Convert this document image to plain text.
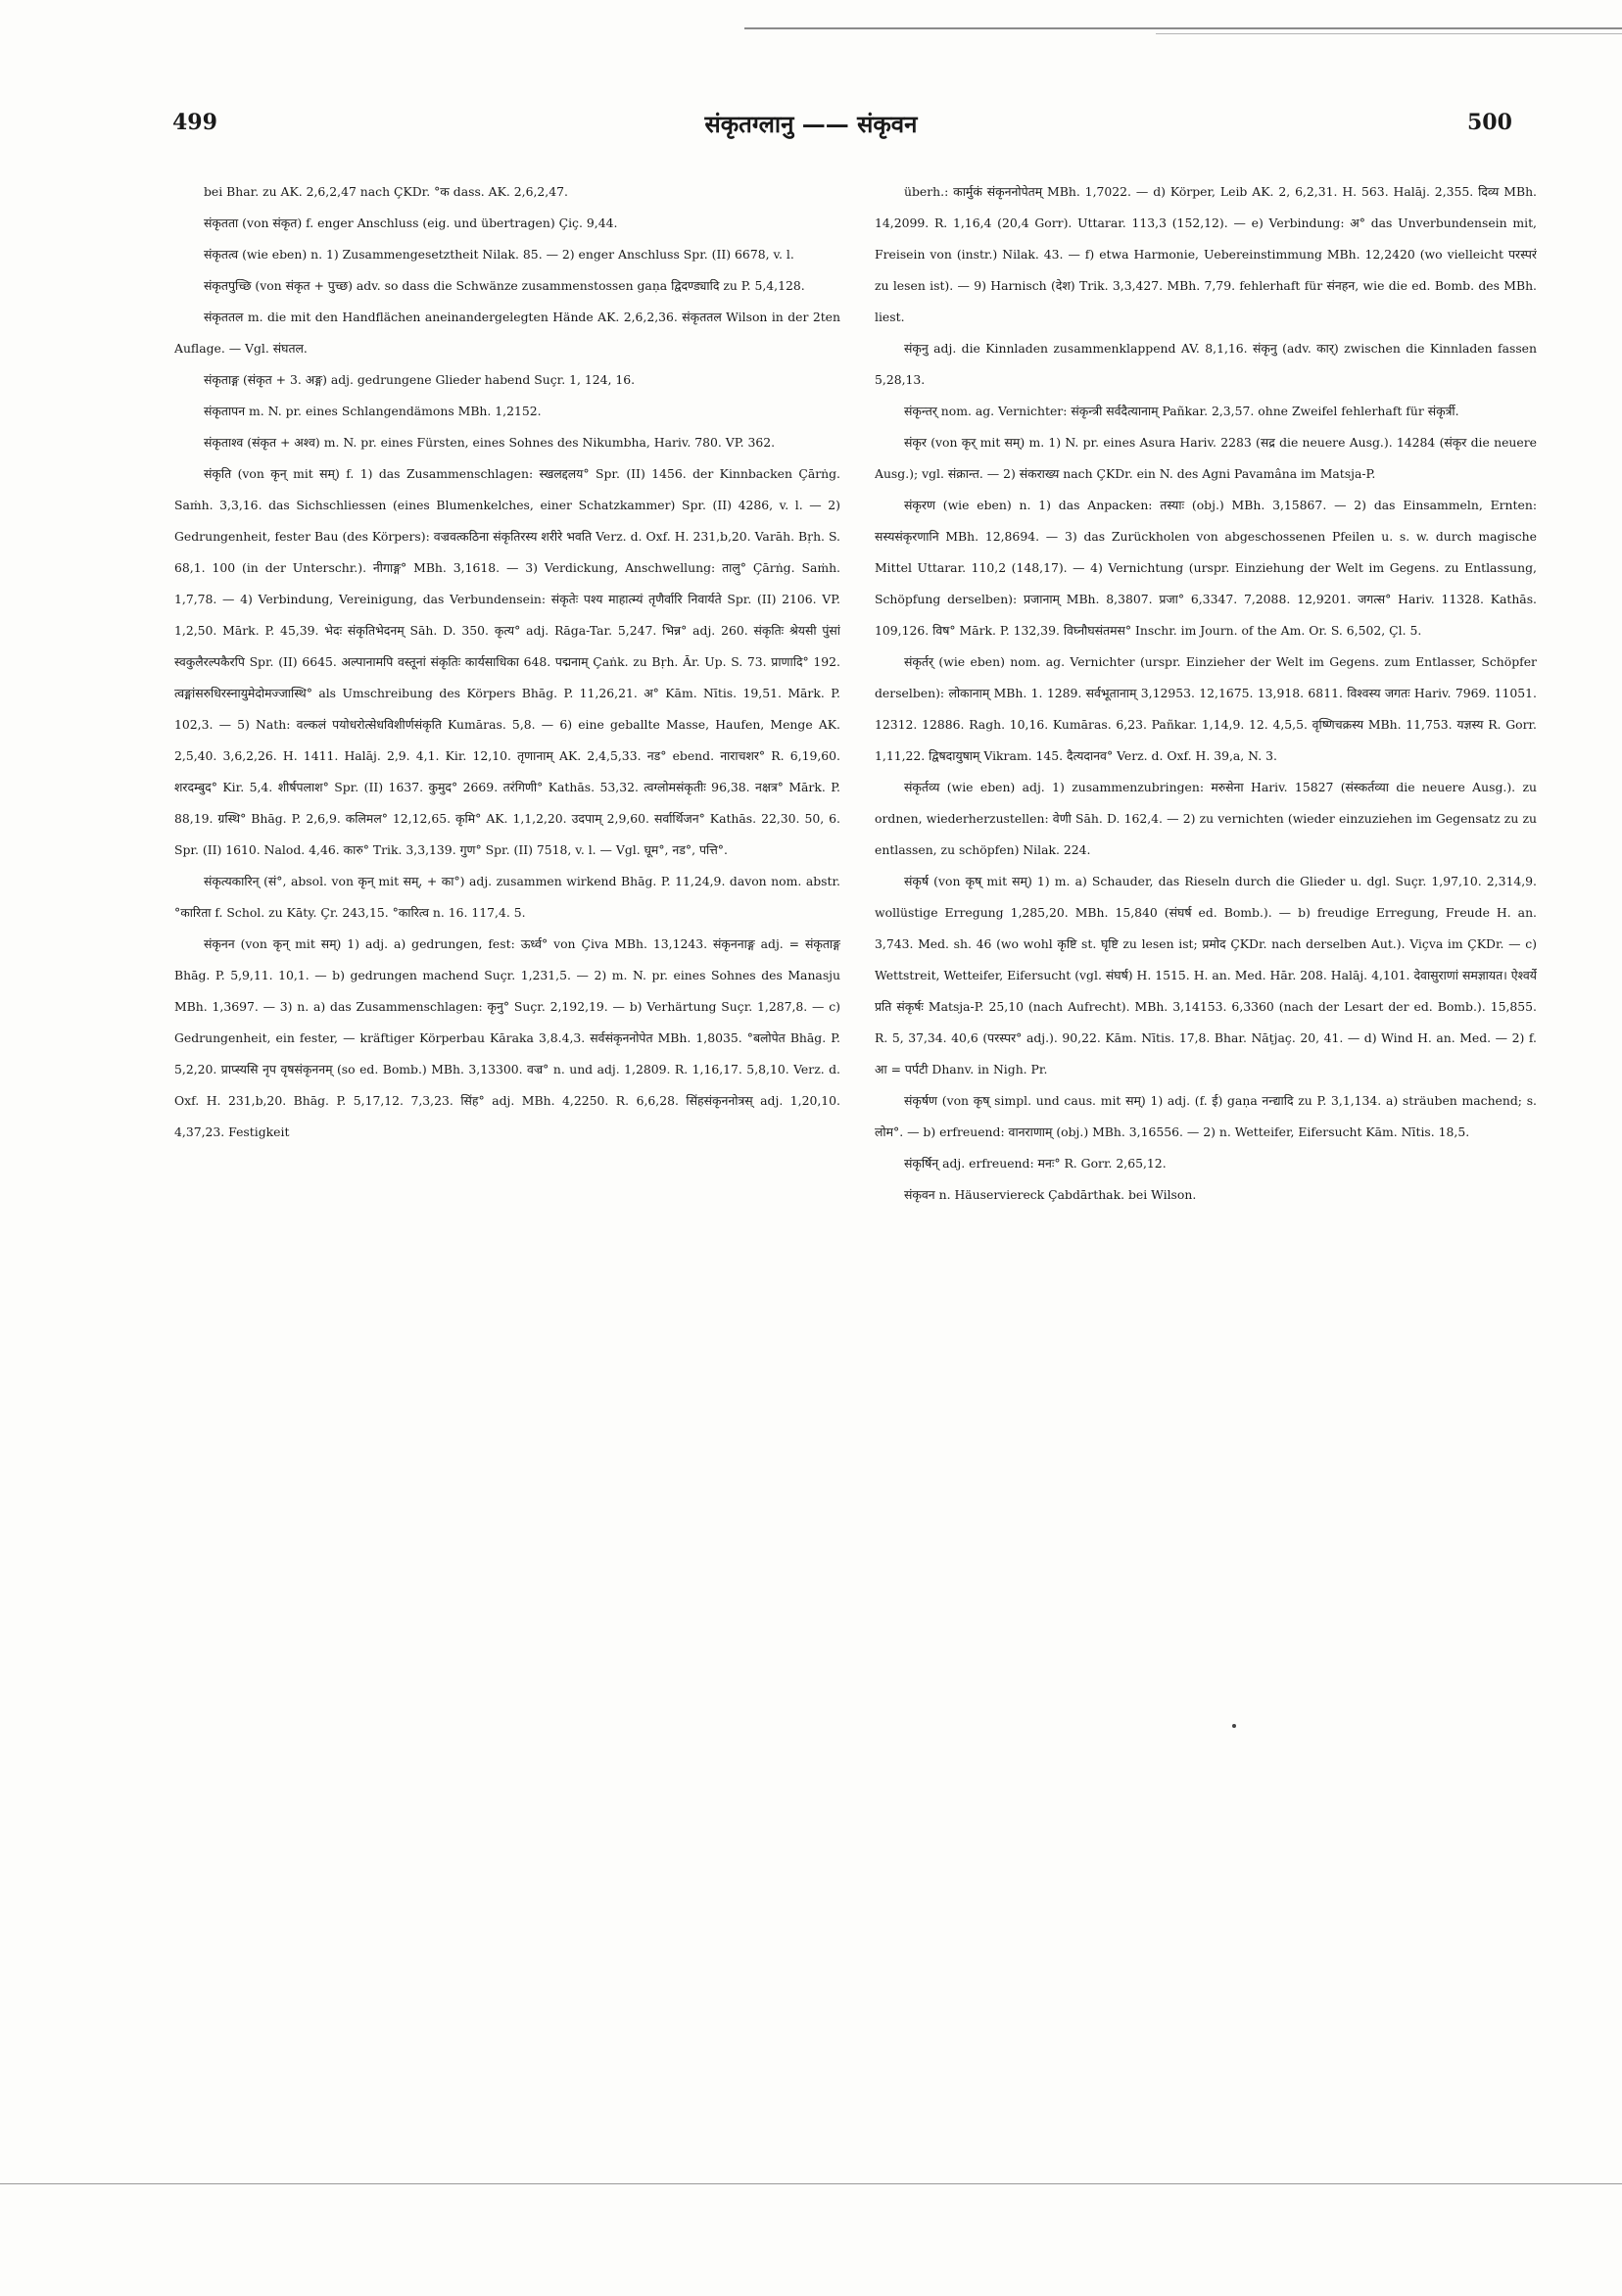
499	संकृतग्लानु —— संकृवन	500

bei Bhar. zu AK. 2,6,2,47 nach ÇKDr. °क dass. AK. 2,6,2,47.

संकृतता (von संकृत) f. enger Anschluss (eig. und übertragen) Çiç. 9,44.

संकृतत्व (wie eben) n. 1) Zusammengesetztheit Nilak. 85. — 2) enger Anschluss Spr. (II) 6678, v. l.

संकृतपुच्छि (von संकृत + पुच्छ) adv. so dass die Schwänze zusammenstossen gaṇa द्विदण्ड्यादि zu P. 5,4,128.

संकृततल m. die mit den Handflächen aneinandergelegten Hände AK. 2,6,2,36. संकृततल Wilson in der 2ten Auflage. — Vgl. संघतल.

संकृताङ्ग (संकृत + 3. अङ्ग) adj. gedrungene Glieder habend Suçr. 1, 124, 16.

संकृतापन m. N. pr. eines Schlangendämons MBh. 1,2152.

संकृताश्व (संकृत + अश्व) m. N. pr. eines Fürsten, eines Sohnes des Nikumbha, Hariv. 780. VP. 362.

संकृति (von कृन् mit सम्) f. 1) das Zusammenschlagen: स्खलद्दलय° Spr. (II) 1456. der Kinnbacken Çārṅg. Saṁh. 3,3,16. das Sichschliessen (eines Blumenkelches, einer Schatzkammer) Spr. (II) 4286, v. l. — 2) Gedrungenheit, fester Bau (des Körpers): वज्रवत्कठिना संकृतिरस्य शरीरे भवति Verz. d. Oxf. H. 231,b,20. Varāh. Bṛh. S. 68,1. 100 (in der Unterschr.). नीगाङ्ग° MBh. 3,1618. — 3) Verdickung, Anschwellung: तालु° Çārṅg. Saṁh. 1,7,78. — 4) Verbindung, Vereinigung, das Verbundensein: संकृतेः पश्य माहात्म्यं तृणैर्वारि निवार्यते Spr. (II) 2106. VP. 1,2,50. Mārk. P. 45,39. भेदः संकृतिभेदनम् Sāh. D. 350. कृत्य° adj. Rāga-Tar. 5,247. भिन्न° adj. 260. संकृतिः श्रेयसी पुंसां स्वकुलैरल्पकैरपि Spr. (II) 6645. अल्पानामपि वस्तूनां संकृतिः कार्यसाधिका 648. पद्मनाम् Çaṅk. zu Bṛh. Ār. Up. S. 73. प्राणादि° 192. त्वङ्मांसरुधिरस्नायुमेदोमज्जास्थि° als Umschreibung des Körpers Bhāg. P. 11,26,21. अ° Kām. Nītis. 19,51. Mārk. P. 102,3. — 5) Nath: वल्कलं पयोधरोत्सेधविशीर्णसंकृति Kumāras. 5,8. — 6) eine geballte Masse, Haufen, Menge AK. 2,5,40. 3,6,2,26. H. 1411. Halāj. 2,9. 4,1. Kir. 12,10. तृणानाम् AK. 2,4,5,33. नड° ebend. नाराचशर° R. 6,19,60. शरदम्बुद° Kir. 5,4. शीर्षपलाश° Spr. (II) 1637. कुमुद° 2669. तरंगिणी° Kathās. 53,32. त्वग्लोमसंकृतीः 96,38. नक्षत्र° Mārk. P. 88,19. ग्रस्थि° Bhāg. P. 2,6,9. कलिमल° 12,12,65. कृमि° AK. 1,1,2,20. उदपाम् 2,9,60. सर्वार्थिजन° Kathās. 22,30. 50, 6. Spr. (II) 1610. Nalod. 4,46. कारु° Trik. 3,3,139. गुण° Spr. (II) 7518, v. l. — Vgl. घूम°, नड°, पत्ति°.

संकृत्यकारिन् (सं°, absol. von कृन् mit सम्, + का°) adj. zusammen wirkend Bhāg. P. 11,24,9. davon nom. abstr. °कारिता f. Schol. zu Kāty. Çr. 243,15. °कारित्व n. 16. 117,4. 5.

संकृनन (von कृन् mit सम्) 1) adj. a) gedrungen, fest: ऊर्ध्व° von Çiva MBh. 13,1243. संकृननाङ्ग adj. = संकृताङ्ग Bhāg. P. 5,9,11. 10,1. — b) gedrungen machend Suçr. 1,231,5. — 2) m. N. pr. eines Sohnes des Manasju MBh. 1,3697. — 3) n. a) das Zusammenschlagen: कृनु° Suçr. 2,192,19. — b) Verhärtung Suçr. 1,287,8. — c) Gedrungenheit, ein fester, — kräftiger Körperbau Kāraka 3,8.4,3. सर्वसंकृननोपेत MBh. 1,8035. °बलोपेत Bhāg. P. 5,2,20. प्राप्स्यसि नृप वृषसंकृननम् (so ed. Bomb.) MBh. 3,13300. वज्र° n. und adj. 1,2809. R. 1,16,17. 5,8,10. Verz. d. Oxf. H. 231,b,20. Bhāg. P. 5,17,12. 7,3,23. सिंह° adj. MBh. 4,2250. R. 6,6,28. सिंहसंकृननोत्रस् adj. 1,20,10. 4,37,23. Festigkeit

überh.: कार्मुकं संकृननोपेतम् MBh. 1,7022. — d) Körper, Leib AK. 2, 6,2,31. H. 563. Halāj. 2,355. दिव्य MBh. 14,2099. R. 1,16,4 (20,4 Gorr). Uttarar. 113,3 (152,12). — e) Verbindung: अ° das Unverbundensein mit, Freisein von (instr.) Nilak. 43. — f) etwa Harmonie, Uebereinstimmung MBh. 12,2420 (wo vielleicht परस्परं zu lesen ist). — 9) Harnisch (देश) Trik. 3,3,427. MBh. 7,79. fehlerhaft für संनहन, wie die ed. Bomb. des MBh. liest.

संकृनु adj. die Kinnladen zusammenklappend AV. 8,1,16. संकृनु (adv. कार्) zwischen die Kinnladen fassen 5,28,13.

संकृन्तर् nom. ag. Vernichter: संकृन्त्री सर्वदैत्यानाम् Pañkar. 2,3,57. ohne Zweifel fehlerhaft für संकृर्त्री.

संकृर (von कृर् mit सम्) m. 1) N. pr. eines Asura Hariv. 2283 (सद्र die neuere Ausg.). 14284 (संकृर die neuere Ausg.); vgl. संक्रान्त. — 2) संकराख्य nach ÇKDr. ein N. des Agni Pavamâna im Matsja-P.

संकृरण (wie eben) n. 1) das Anpacken: तस्याः (obj.) MBh. 3,15867. — 2) das Einsammeln, Ernten: सस्यसंकृरणानि MBh. 12,8694. — 3) das Zurückholen von abgeschossenen Pfeilen u. s. w. durch magische Mittel Uttarar. 110,2 (148,17). — 4) Vernichtung (urspr. Einziehung der Welt im Gegens. zu Entlassung, Schöpfung derselben): प्रजानाम् MBh. 8,3807. प्रजा° 6,3347. 7,2088. 12,9201. जगत्स° Hariv. 11328. Kathās. 109,126. विष° Mārk. P. 132,39. विघ्नौघसंतमस° Inschr. im Journ. of the Am. Or. S. 6,502, Çl. 5.

संकृर्तर् (wie eben) nom. ag. Vernichter (urspr. Einzieher der Welt im Gegens. zum Entlasser, Schöpfer derselben): लोकानाम् MBh. 1. 1289. सर्वभूतानाम् 3,12953. 12,1675. 13,918. 6811. विश्वस्य जगतः Hariv. 7969. 11051. 12312. 12886. Ragh. 10,16. Kumāras. 6,23. Pañkar. 1,14,9. 12. 4,5,5. वृष्णिचक्रस्य MBh. 11,753. यज्ञस्य R. Gorr. 1,11,22. द्विषदायुषाम् Vikram. 145. दैत्यदानव° Verz. d. Oxf. H. 39,a, N. 3.

संकृर्तव्य (wie eben) adj. 1) zusammenzubringen: मरुसेना Hariv. 15827 (संस्कर्तव्या die neuere Ausg.). zu ordnen, wiederherzustellen: वेणी Sāh. D. 162,4. — 2) zu vernichten (wieder einzuziehen im Gegensatz zu zu entlassen, zu schöpfen) Nilak. 224.

संकृर्ष (von कृष् mit सम्) 1) m. a) Schauder, das Rieseln durch die Glieder u. dgl. Suçr. 1,97,10. 2,314,9. wollüstige Erregung 1,285,20. MBh. 15,840 (संघर्ष ed. Bomb.). — b) freudige Erregung, Freude H. an. 3,743. Med. sh. 46 (wo wohl कृष्टि st. घृष्टि zu lesen ist; प्रमोद ÇKDr. nach derselben Aut.). Viçva im ÇKDr. — c) Wettstreit, Wetteifer, Eifersucht (vgl. संघर्ष) H. 1515. H. an. Med. Hār. 208. Halāj. 4,101. देवासुराणां समज्ञायत। ऐश्वर्ये प्रति संकृर्षः Matsja-P. 25,10 (nach Aufrecht). MBh. 3,14153. 6,3360 (nach der Lesart der ed. Bomb.). 15,855. R. 5, 37,34. 40,6 (परस्पर° adj.). 90,22. Kām. Nītis. 17,8. Bhar. Nāṭjaç. 20, 41. — d) Wind H. an. Med. — 2) f. आ = पर्पटी Dhanv. in Nigh. Pr.

संकृर्षण (von कृष् simpl. und caus. mit सम्) 1) adj. (f. ई) gaṇa नन्द्यादि zu P. 3,1,134. a) sträuben machend; s. लोम°. — b) erfreuend: वानराणाम् (obj.) MBh. 3,16556. — 2) n. Wetteifer, Eifersucht Kām. Nītis. 18,5.

संकृर्षिन् adj. erfreuend: मनः° R. Gorr. 2,65,12.

संकृवन n. Häuserviereck Çabdārthak. bei Wilson.
